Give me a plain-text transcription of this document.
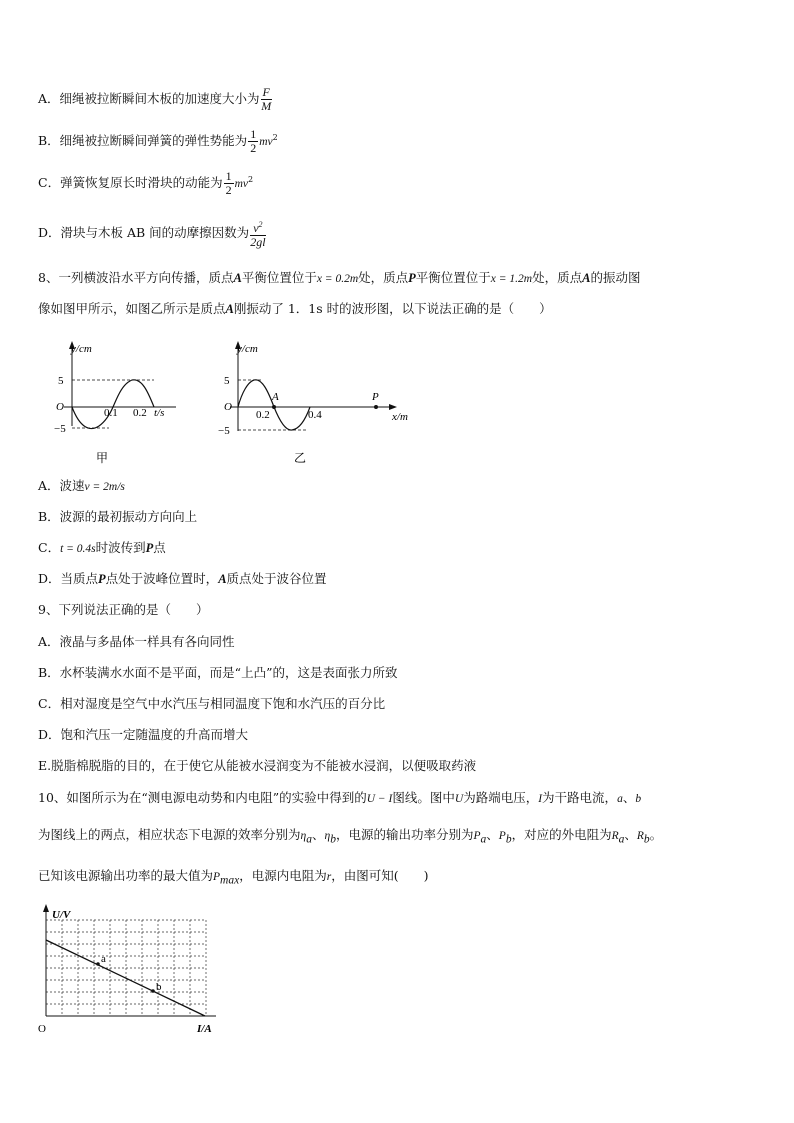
A．细绳被拉断瞬间木板的加速度大小为 $\frac{F}{M}$
B．细绳被拉断瞬间弹簧的弹性势能为 $\frac{1}{2} mv^2$
C．弹簧恢复原长时滑块的动能为 $\frac{1}{2} mv^2$
D．滑块与木板 AB 间的动摩擦因数为 $\frac{v^2}{2gl}$
8、一列横波沿水平方向传播，质点A平衡位置位于x = 0.2m处，质点P平衡位置位于x = 1.2m处，质点A的振动图
像如图甲所示，如图乙所示是质点A刚振动了 1．1s 时的波形图，以下说法正确的是（　　）
y/cm
5
−5
O	0.1 0.2 t/s
甲
y/cm
5
−5
O
A
0.2	0.4
P
x/m
乙
A．波速v = 2m/s
B．波源的最初振动方向向上
C．t = 0.4s时波传到P点
D．当质点P点处于波峰位置时，A质点处于波谷位置
9、下列说法正确的是（　　）
A．液晶与多晶体一样具有各向同性
B．水杯装满水水面不是平面，而是“上凸”的，这是表面张力所致
C．相对湿度是空气中水汽压与相同温度下饱和水汽压的百分比
D．饱和汽压一定随温度的升高而增大
E.脱脂棉脱脂的目的，在于使它从能被水浸润变为不能被水浸润，以便吸取药液
10、如图所示为在“测电源电动势和内电阻”的实验中得到的U − I图线。图中U为路端电压，I为干路电流，a、b
为图线上的两点，相应状态下电源的效率分别为$\eta_a$、$\eta_b$，电源的输出功率分别为$P_a$、$P_b$，对应的外电阻为$R_a$、$R_b$。
已知该电源输出功率的最大值为$P_{max}$，电源内电阻为r，由图可知(　　)
U/V
a
b
O	I/A
